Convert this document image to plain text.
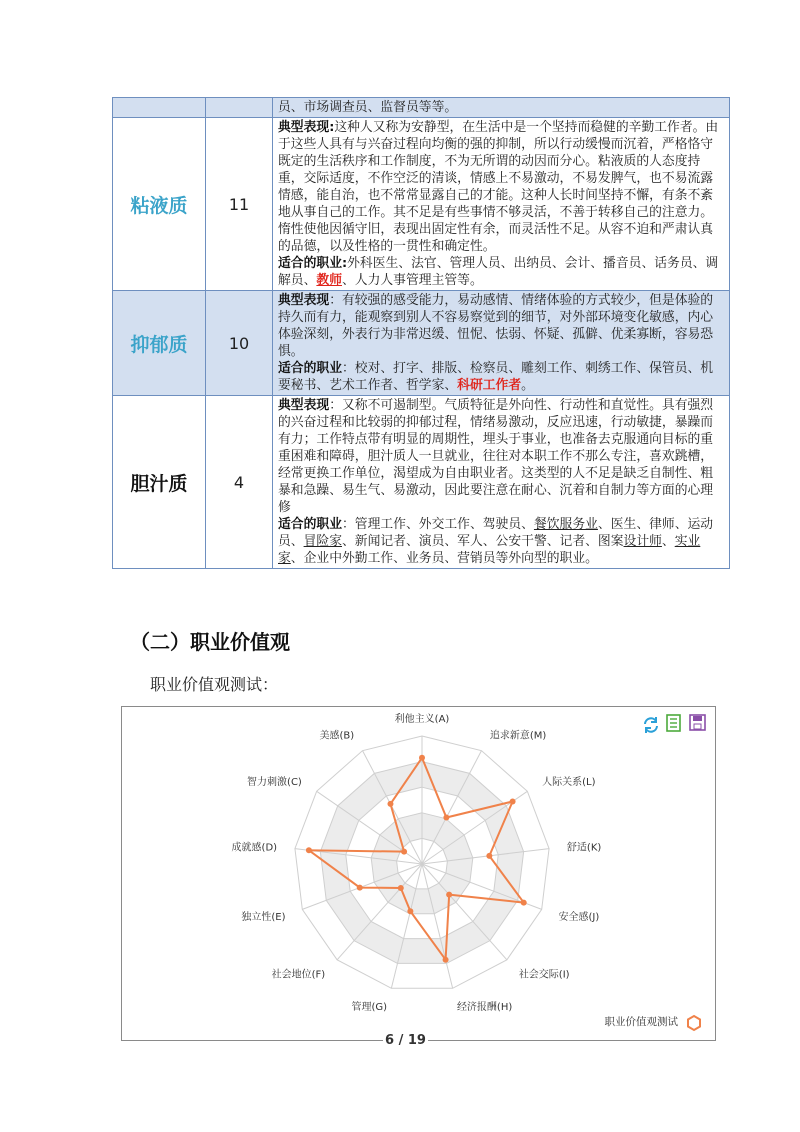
		员、市场调查员、监督员等等。
粘液质	11	典型表现:这种人又称为安静型，在生活中是一个坚持而稳健的辛勤工作者。由于这些人具有与兴奋过程向均衡的强的抑制，所以行动缓慢而沉着，严格恪守既定的生活秩序和工作制度，不为无所谓的动因而分心。粘液质的人态度持重，交际适度，不作空泛的清谈，情感上不易激动，不易发脾气，也不易流露情感，能自治，也不常常显露自己的才能。这种人长时间坚持不懈，有条不紊地从事自己的工作。其不足是有些事情不够灵活，不善于转移自己的注意力。惰性使他因循守旧，表现出固定性有余，而灵活性不足。从容不迫和严肃认真的品德，以及性格的一贯性和确定性。
适合的职业:外科医生、法官、管理人员、出纳员、会计、播音员、话务员、调解员、教师、人力人事管理主管等。
抑郁质	10	典型表现：有较强的感受能力，易动感情、情绪体验的方式较少，但是体验的持久而有力，能观察到别人不容易察觉到的细节，对外部环境变化敏感，内心体验深刻，外表行为非常迟缓、忸怩、怯弱、怀疑、孤僻、优柔寡断，容易恐惧。
适合的职业：校对、打字、排版、检察员、雕刻工作、刺绣工作、保管员、机要秘书、艺术工作者、哲学家、科研工作者。
胆汁质	4	典型表现：又称不可遏制型。气质特征是外向性、行动性和直觉性。具有强烈的兴奋过程和比较弱的抑郁过程，情绪易激动，反应迅速，行动敏捷，暴躁而有力；工作特点带有明显的周期性，埋头于事业，也准备去克服通向目标的重重困难和障碍，胆汁质人一旦就业，往往对本职工作不那么专注，喜欢跳槽，经常更换工作单位，渴望成为自由职业者。这类型的人不足是缺乏自制性、粗暴和急躁、易生气、易激动，因此要注意在耐心、沉着和自制力等方面的心理修
适合的职业：管理工作、外交工作、驾驶员、餐饮服务业、医生、律师、运动员、冒险家、新闻记者、演员、军人、公安干警、记者、图案设计师、实业家、企业中外勤工作、业务员、营销员等外向型的职业。
（二）职业价值观
职业价值观测试：
利他主义(A)
追求新意(M)
人际关系(L)
舒适(K)
安全感(J)
社会交际(I)
经济报酬(H)
管理(G)
社会地位(F)
独立性(E)
成就感(D)
智力刺激(C)
美感(B)
职业价值观测试
6 / 19
